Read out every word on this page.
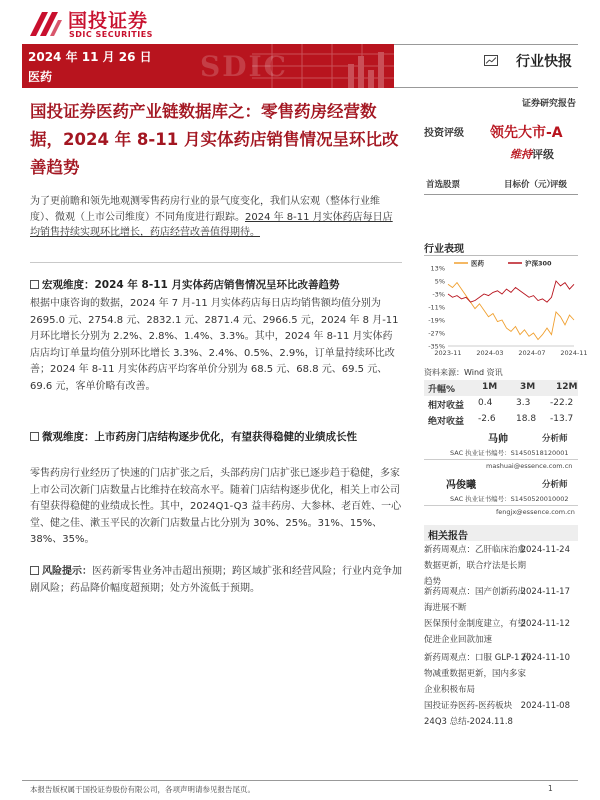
国投证券
SDIC SECURITIES
SDIC
2024 年 11 月 26 日
医药
行业快报
证券研究报告
国投证券医药产业链数据库之：零售药房经营数据，2024 年 8-11 月实体药店销售情况呈环比改善趋势
投资评级 领先大市-A
维持评级
为了更前瞻和领先地观测零售药房行业的景气度变化，我们从宏观（整体行业维度）、微观（上市公司维度）不同角度进行跟踪。2024 年 8-11 月实体药店每日店均销售持续实现环比增长，药店经营改善值得期待。
宏观维度：2024 年 8-11 月实体药店销售情况呈环比改善趋势
根据中康咨询的数据，2024 年 7 月-11 月实体药店每日店均销售额均值分别为 2695.0 元、2754.8 元、2832.1 元、2871.4 元、2966.5 元，2024 年 8 月-11 月环比增长分别为 2.2%、2.8%、1.4%、3.3%。其中，2024 年 8-11 月实体药店店均订单量均值分别环比增长 3.3%、2.4%、0.5%、2.9%，订单量持续环比改善；2024 年 8-11 月实体药店平均客单价分别为 68.5 元、68.8 元、69.5 元、69.6 元，客单价略有改善。
微观维度：上市药房门店结构逐步优化，有望获得稳健的业绩成长性
零售药房行业经历了快速的门店扩张之后，头部药房门店扩张已逐步趋于稳健，多家上市公司次新门店数量占比维持在较高水平。随着门店结构逐步优化，相关上市公司有望获得稳健的业绩成长性。其中，2024Q1-Q3 益丰药房、大参林、老百姓、一心堂、健之佳、漱玉平民的次新门店数量占比分别为 30%、25%。31%、15%、38%、35%。
风险提示：医药新零售业务冲击超出预期；跨区域扩张和经营风险；行业内竞争加剧风险；药品降价幅度超预期；处方外流低于预期。
首选股票	目标价（元）
评级
行业表现
13%
5%
-3%
-11%
-19%
-27%
-35%
2023-11 2024-03 2024-07 2024-11
医药	沪深300
资料来源：Wind 资讯
升幅%	1M	3M 12M
相对收益 0.4	3.3 -22.2
绝对收益 -2.6 18.8 -13.7
马帅	分析师
SAC 执业证书编号：S1450518120001
mashuai@essence.com.cn
冯俊曦	分析师
SAC 执业证书编号：S1450520010002
fengjx@essence.com.cn
相关报告
新药周观点：乙肝临床治愈数据更新，联合疗法是长期趋势
2024-11-24
新药周观点：国产创新药出海进展不断
2024-11-17
医保预付金制度建立，有望促进企业回款加速
2024-11-12
新药周观点：口服 GLP-1 药物减重数据更新，国内多家企业积极布局
2024-11-10
国投证券医药-医药板块 24Q3 总结-2024.11.8
2024-11-08
本报告版权属于国投证券股份有限公司，各项声明请参见报告尾页。	1
